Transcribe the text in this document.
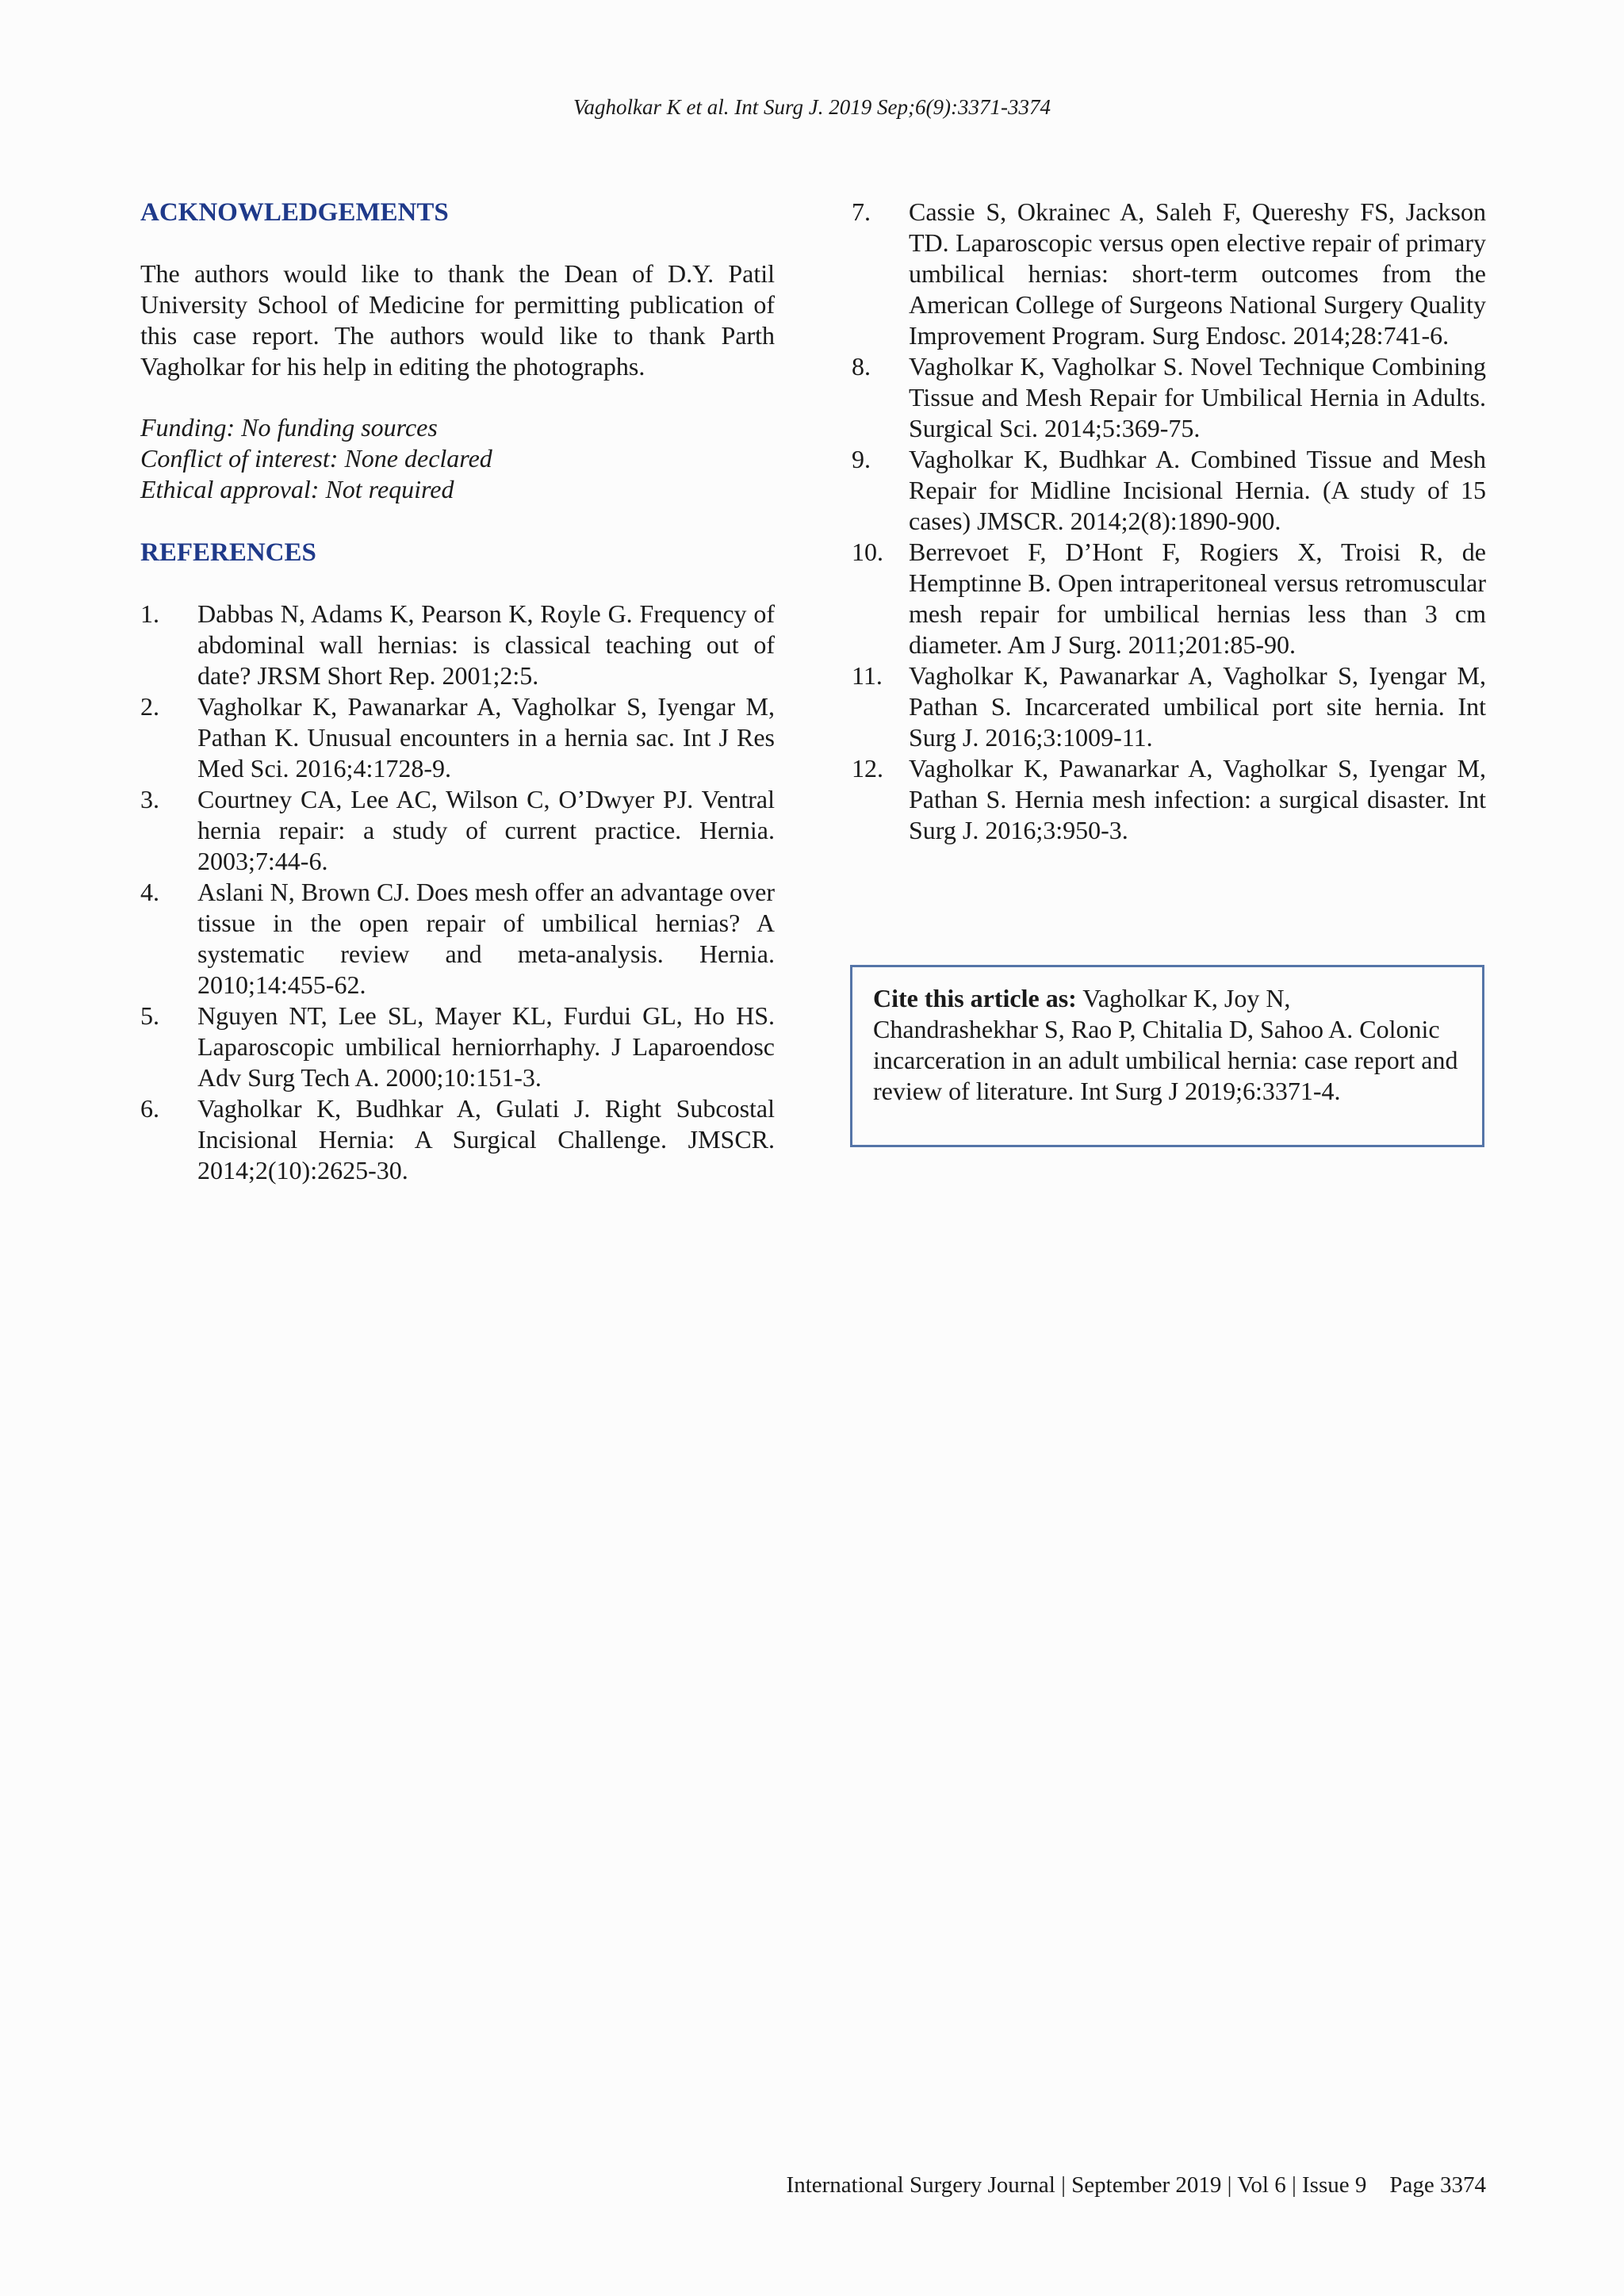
Vagholkar K et al. Int Surg J. 2019 Sep;6(9):3371-3374
ACKNOWLEDGEMENTS

The authors would like to thank the Dean of D.Y. Patil University School of Medicine for permitting publication of this case report. The authors would like to thank Parth Vagholkar for his help in editing the photographs.

Funding: No funding sources

Conflict of interest: None declared

Ethical approval: Not required

REFERENCES
1.	Dabbas N, Adams K, Pearson K, Royle G. Frequency of abdominal wall hernias: is classical teaching out of date? JRSM Short Rep. 2001;2:5.
2.	Vagholkar K, Pawanarkar A, Vagholkar S, Iyengar M, Pathan K. Unusual encounters in a hernia sac. Int J Res Med Sci. 2016;4:1728-9.
3.	Courtney CA, Lee AC, Wilson C, O’Dwyer PJ. Ventral hernia repair: a study of current practice. Hernia. 2003;7:44-6.
4.	Aslani N, Brown CJ. Does mesh offer an advantage over tissue in the open repair of umbilical hernias? A systematic review and meta-analysis. Hernia. 2010;14:455-62.
5.	Nguyen NT, Lee SL, Mayer KL, Furdui GL, Ho HS. Laparoscopic umbilical herniorrhaphy. J Laparoendosc Adv Surg Tech A. 2000;10:151-3.
6.	Vagholkar K, Budhkar A, Gulati J. Right Subcostal Incisional Hernia: A Surgical Challenge. JMSCR. 2014;2(10):2625-30.
7.	Cassie S, Okrainec A, Saleh F, Quereshy FS, Jackson TD. Laparoscopic versus open elective repair of primary umbilical hernias: short-term outcomes from the American College of Surgeons National Surgery Quality Improvement Program. Surg Endosc. 2014;28:741-6.
8.	Vagholkar K, Vagholkar S. Novel Technique Combining Tissue and Mesh Repair for Umbilical Hernia in Adults. Surgical Sci. 2014;5:369-75.
9.	Vagholkar K, Budhkar A. Combined Tissue and Mesh Repair for Midline Incisional Hernia. (A study of 15 cases) JMSCR. 2014;2(8):1890-900.
10.	Berrevoet F, D’Hont F, Rogiers X, Troisi R, de Hemptinne B. Open intraperitoneal versus retromuscular mesh repair for umbilical hernias less than 3 cm diameter. Am J Surg. 2011;201:85-90.
11.	Vagholkar K, Pawanarkar A, Vagholkar S, Iyengar M, Pathan S. Incarcerated umbilical port site hernia. Int Surg J. 2016;3:1009-11.
12.	Vagholkar K, Pawanarkar A, Vagholkar S, Iyengar M, Pathan S. Hernia mesh infection: a surgical disaster. Int Surg J. 2016;3:950-3.
Cite this article as: Vagholkar K, Joy N, Chandrashekhar S, Rao P, Chitalia D, Sahoo A. Colonic incarceration in an adult umbilical hernia: case report and review of literature. Int Surg J 2019;6:3371-4.
International Surgery Journal | September 2019 | Vol 6 | Issue 9    Page 3374
